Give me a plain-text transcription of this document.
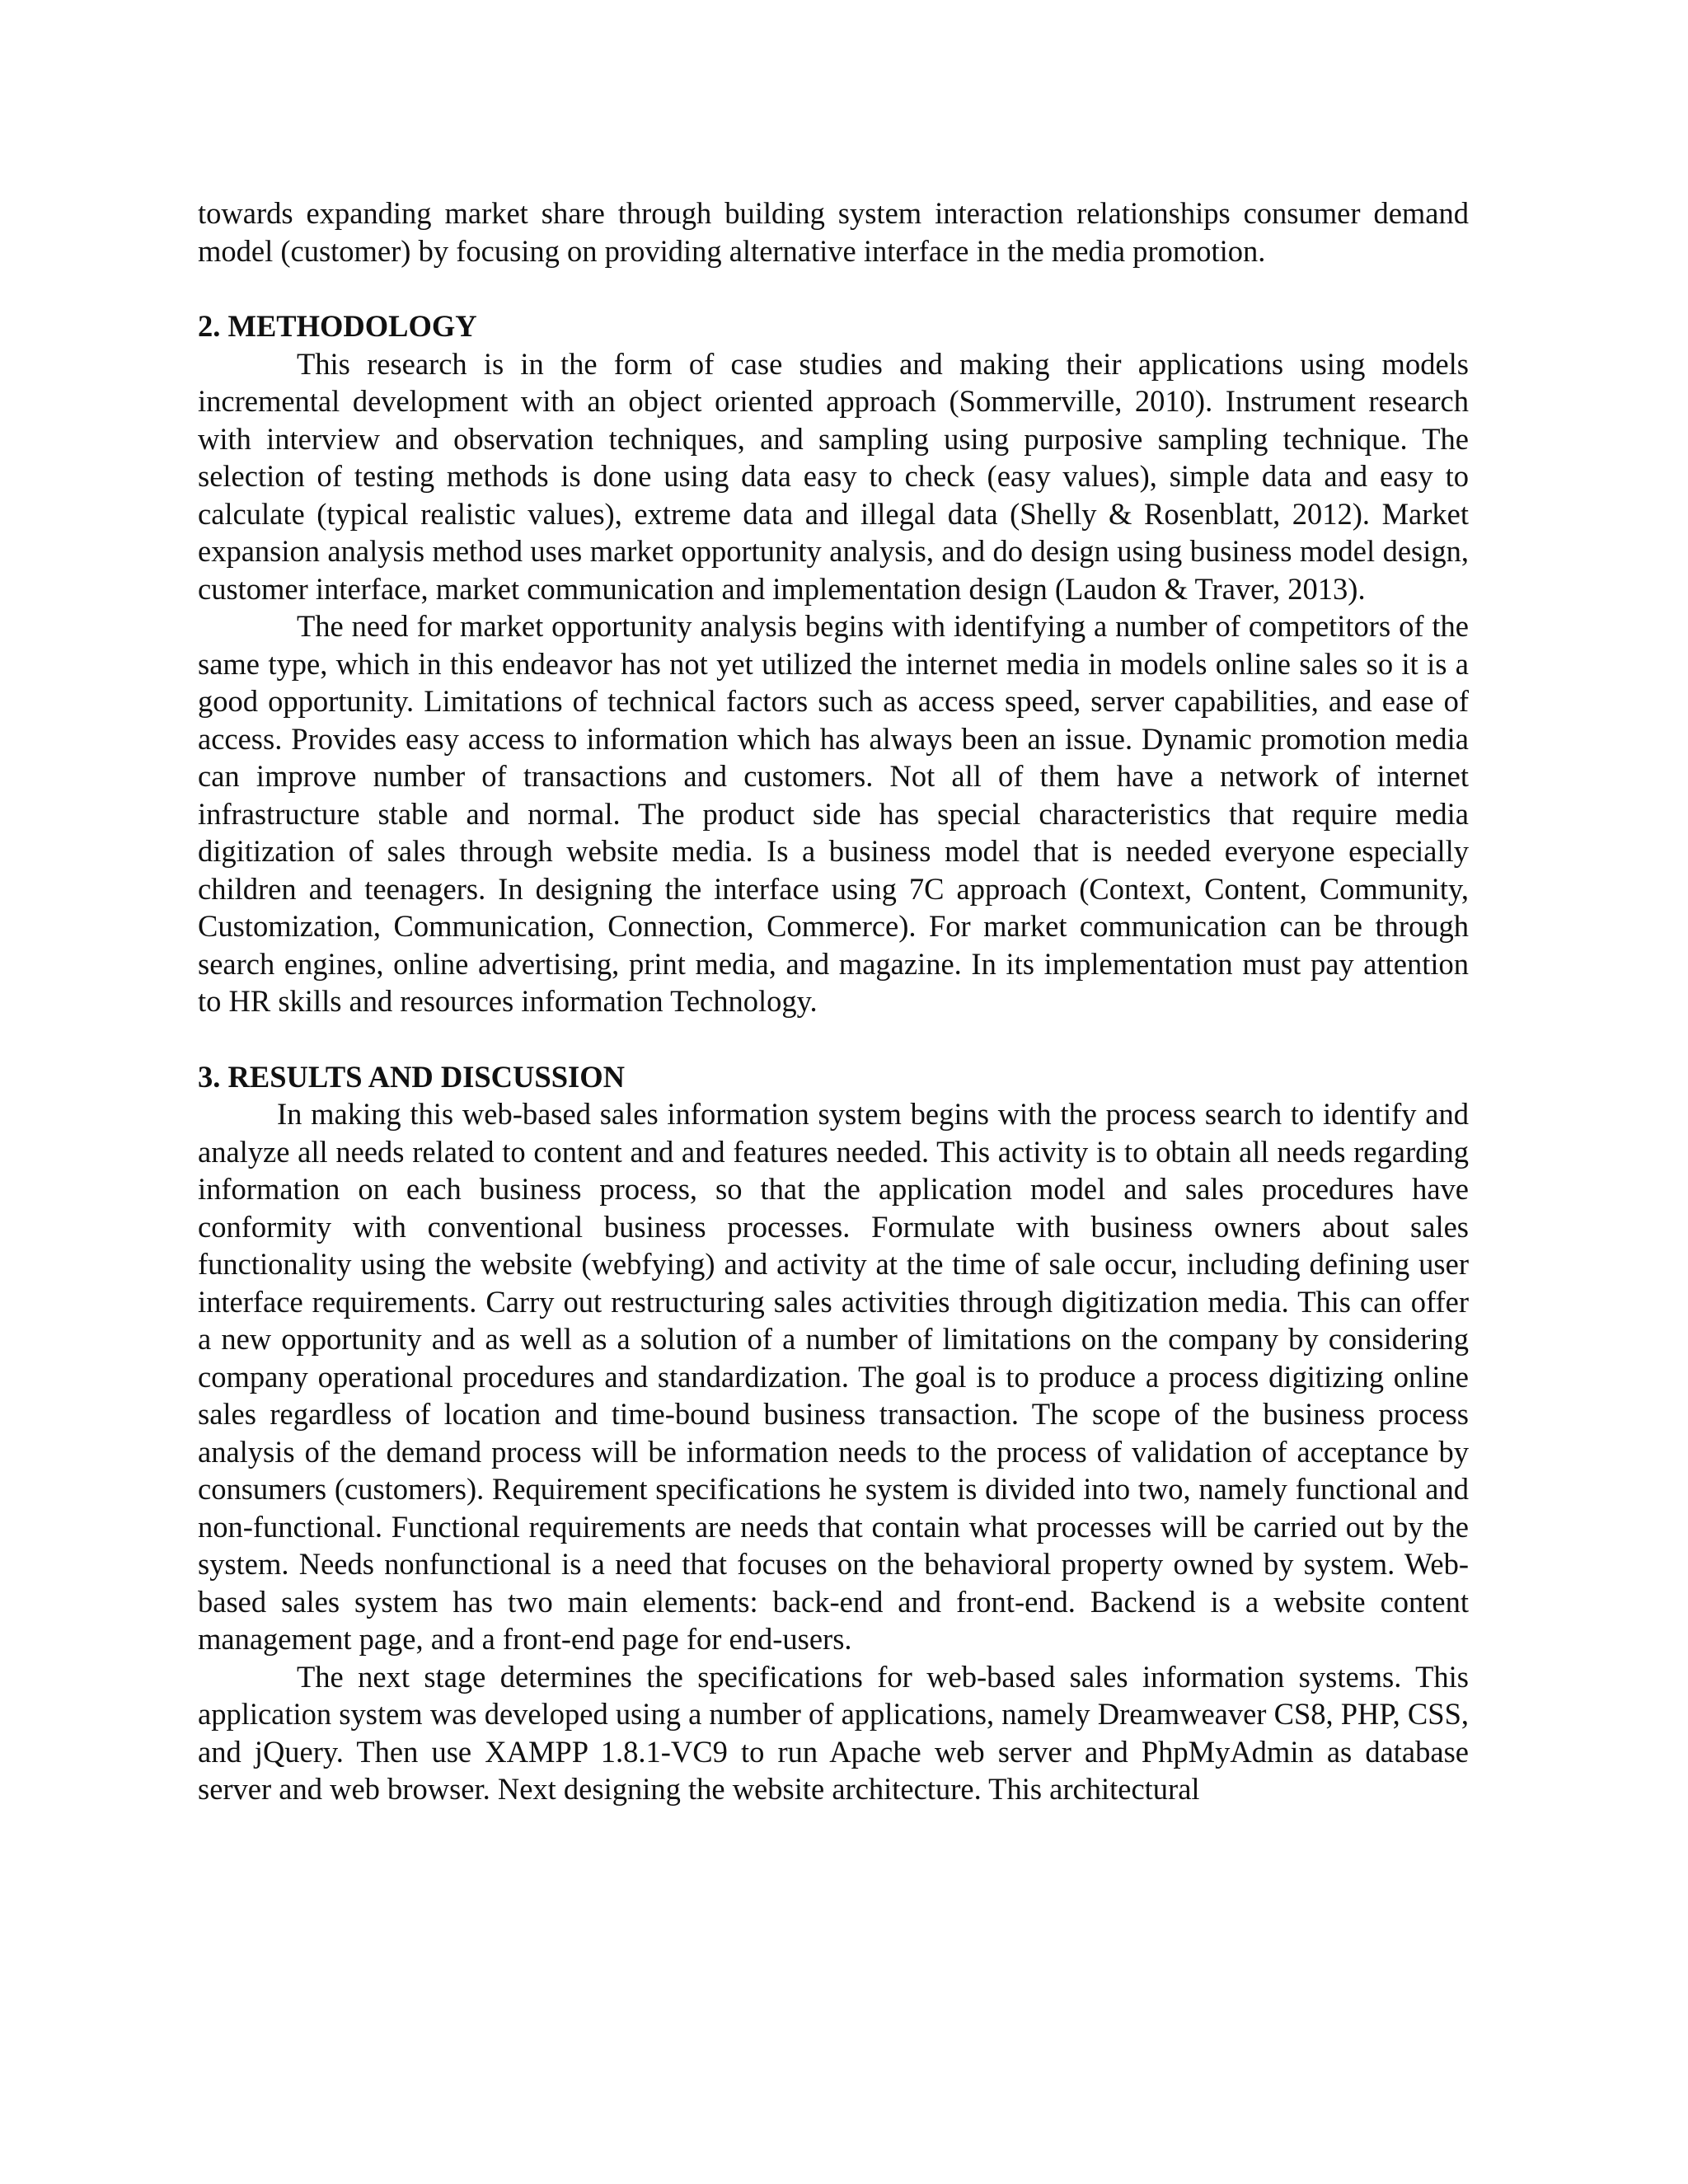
towards expanding market share through building system interaction relationships consumer demand model (customer) by focusing on providing alternative interface in the media promotion.

2. METHODOLOGY

This research is in the form of case studies and making their applications using models incremental development with an object oriented approach (Sommerville, 2010). Instrument research with interview and observation techniques, and sampling using purposive sampling technique. The selection of testing methods is done using data easy to check (easy values), simple data and easy to calculate (typical realistic values), extreme data and illegal data (Shelly & Rosenblatt, 2012). Market expansion analysis method uses market opportunity analysis, and do design using business model design, customer interface, market communication and implementation design (Laudon & Traver, 2013).

The need for market opportunity analysis begins with identifying a number of competitors of the same type, which in this endeavor has not yet utilized the internet media in models online sales so it is a good opportunity. Limitations of technical factors such as access speed, server capabilities, and ease of access. Provides easy access to information which has always been an issue. Dynamic promotion media can improve number of transactions and customers. Not all of them have a network of internet infrastructure stable and normal. The product side has special characteristics that require media digitization of sales through website media. Is a business model that is needed everyone especially children and teenagers. In designing the interface using 7C approach (Context, Content, Community, Customization, Communication, Connection, Commerce). For market communication can be through search engines, online advertising, print media, and magazine. In its implementation must pay attention to HR skills and resources information Technology.

3. RESULTS AND DISCUSSION

In making this web-based sales information system begins with the process search to identify and analyze all needs related to content and and features needed. This activity is to obtain all needs regarding information on each business process, so that the application model and sales procedures have conformity with conventional business processes. Formulate with business owners about sales functionality using the website (webfying) and activity at the time of sale occur, including defining user interface requirements. Carry out restructuring sales activities through digitization media. This can offer a new opportunity and as well as a solution of a number of limitations on the company by considering company operational procedures and standardization. The goal is to produce a process digitizing online sales regardless of location and time-bound business transaction. The scope of the business process analysis of the demand process will be information needs to the process of validation of acceptance by consumers (customers). Requirement specifications he system is divided into two, namely functional and non-functional. Functional requirements are needs that contain what processes will be carried out by the system. Needs nonfunctional is a need that focuses on the behavioral property owned by system. Web-based sales system has two main elements: back-end and front-end. Backend is a website content management page, and a front-end page for end-users.

The next stage determines the specifications for web-based sales information systems. This application system was developed using a number of applications, namely Dreamweaver CS8, PHP, CSS, and jQuery. Then use XAMPP 1.8.1-VC9 to run Apache web server and PhpMyAdmin as database server and web browser. Next designing the website architecture. This architectural
